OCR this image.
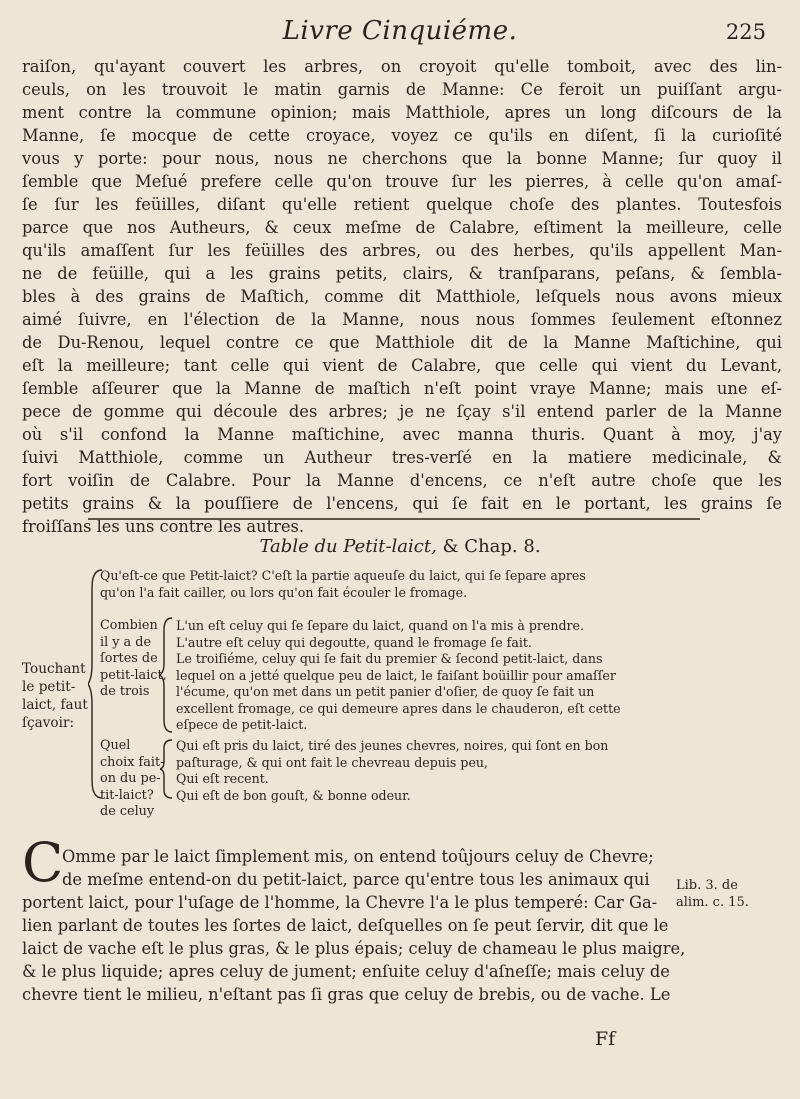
Livre Cinquiéme.	225

raiſon, qu'ayant couvert les arbres, on croyoit qu'elle tomboit, avec des lin-
ceuls, on les trouvoit le matin garnis de Manne: Ce feroit un puiſſant argu-
ment contre la commune opinion; mais Matthiole, apres un long diſcours de la
Manne, ſe mocque de cette croyace, voyez ce qu'ils en diſent, ſi la curioſité
vous y porte: pour nous, nous ne cherchons que la bonne Manne; ſur quoy il
ſemble que Meſué prefere celle qu'on trouve ſur les pierres, à celle qu'on amaſ-
ſe ſur les feüilles, diſant qu'elle retient quelque choſe des plantes. Toutesfois
parce que nos Autheurs, & ceux meſme de Calabre, eſtiment la meilleure, celle
qu'ils amaſſent ſur les feüilles des arbres, ou des herbes, qu'ils appellent Man-
ne de feüille, qui a les grains petits, clairs, & tranſparans, peſans, & ſembla-
bles à des grains de Maſtich, comme dit Matthiole, leſquels nous avons mieux
aimé ſuivre, en l'élection de la Manne, nous nous ſommes ſeulement eſtonnez
de Du-Renou, lequel contre ce que Matthiole dit de la Manne Maſtichine, qui
eſt la meilleure; tant celle qui vient de Calabre, que celle qui vient du Levant,
ſemble aſſeurer que la Manne de maſtich n'eſt point vraye Manne; mais une eſ-
pece de gomme qui découle des arbres; je ne ſçay s'il entend parler de la Manne
où s'il confond la Manne maſtichine, avec manna thuris. Quant à moy, j'ay
ſuivi Matthiole, comme un Autheur tres-verſé en la matiere medicinale, &
fort voiſin de Calabre. Pour la Manne d'encens, ce n'eſt autre choſe que les
petits grains & la pouſſiere de l'encens, qui ſe fait en le portant, les grains ſe
froiſſans les uns contre les autres.

Table du Petit-laict, & Chap. 8.
Touchant
le petit-
laict, faut
ſçavoir:
Qu'eſt-ce que Petit-laict? C'eſt la partie aqueuſe du laict, qui ſe ſepare apres
qu'on l'a fait cailler, ou lors qu'on fait écouler le fromage.
Combien
il y a de
ſortes de
petit-laict,
de trois
L'un eſt celuy qui ſe ſepare du laict, quand on l'a mis à prendre.
L'autre eſt celuy qui degoutte, quand le fromage ſe fait.
Le troiſiéme, celuy qui ſe fait du premier & ſecond petit-laict, dans
lequel on a jetté quelque peu de laict, le faiſant boüillir pour amaſſer
l'écume, qu'on met dans un petit panier d'oſier, de quoy ſe fait un
excellent fromage, ce qui demeure apres dans le chauderon, eſt cette
eſpece de petit-laict.
Quel
choix fait-
on du pe-
tit-laict?
de celuy
Qui eſt pris du laict, tiré des jeunes chevres, noires, qui ſont en bon
paſturage, & qui ont fait le chevreau depuis peu,
Qui eſt recent.
Qui eſt de bon gouſt, & bonne odeur.
C

Omme par le laict ſimplement mis, on entend toûjours celuy de Chevre;
de meſme entend-on du petit-laict, parce qu'entre tous les animaux qui
portent laict, pour l'uſage de l'homme, la Chevre l'a le plus temperé: Car Ga-
lien parlant de toutes les ſortes de laict, deſquelles on ſe peut ſervir, dit que le
laict de vache eſt le plus gras, & le plus épais; celuy de chameau le plus maigre,
& le plus liquide; apres celuy de jument; enſuite celuy d'aſneſſe; mais celuy de
chevre tient le milieu, n'eſtant pas ſi gras que celuy de brebis, ou de vache. Le

Lib. 3. de
alim. c. 15.
Ff
